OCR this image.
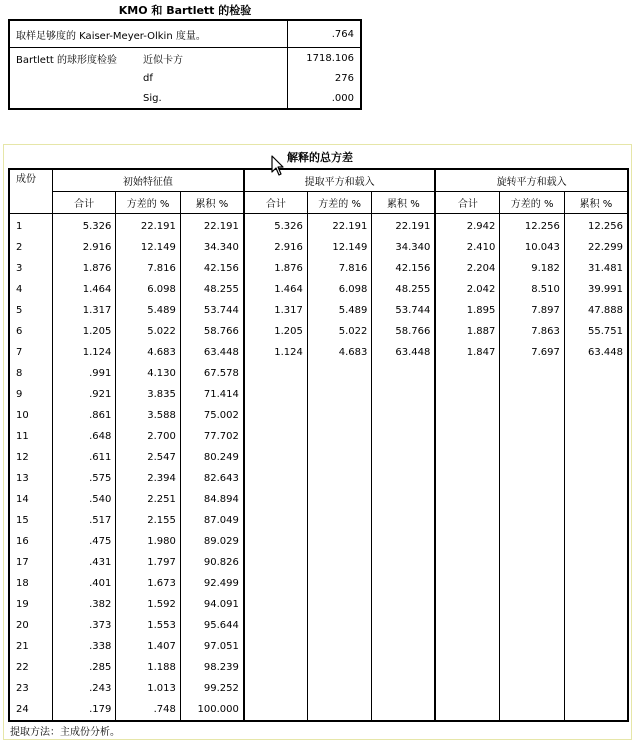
KMO 和 Bartlett 的检验
取样足够度的 Kaiser-Meyer-Olkin 度量。		.764
Bartlett 的球形度检验	近似卡方	1718.106
	df	276
	Sig.	.000
解释的总方差
成份	初始特征值			提取平方和载入			旋转平方和载入		
	合计	方差的 %	累积 %	合计	方差的 %	累积 %	合计	方差的 %	累积 %
1	5.326	22.191	22.191	5.326	22.191	22.191	2.942	12.256	12.256
2	2.916	12.149	34.340	2.916	12.149	34.340	2.410	10.043	22.299
3	1.876	7.816	42.156	1.876	7.816	42.156	2.204	9.182	31.481
4	1.464	6.098	48.255	1.464	6.098	48.255	2.042	8.510	39.991
5	1.317	5.489	53.744	1.317	5.489	53.744	1.895	7.897	47.888
6	1.205	5.022	58.766	1.205	5.022	58.766	1.887	7.863	55.751
7	1.124	4.683	63.448	1.124	4.683	63.448	1.847	7.697	63.448
8	.991	4.130	67.578						
9	.921	3.835	71.414						
10	.861	3.588	75.002						
11	.648	2.700	77.702						
12	.611	2.547	80.249						
13	.575	2.394	82.643						
14	.540	2.251	84.894						
15	.517	2.155	87.049						
16	.475	1.980	89.029						
17	.431	1.797	90.826						
18	.401	1.673	92.499						
19	.382	1.592	94.091						
20	.373	1.553	95.644						
21	.338	1.407	97.051						
22	.285	1.188	98.239						
23	.243	1.013	99.252						
24	.179	.748	100.000						
提取方法：主成份分析。
